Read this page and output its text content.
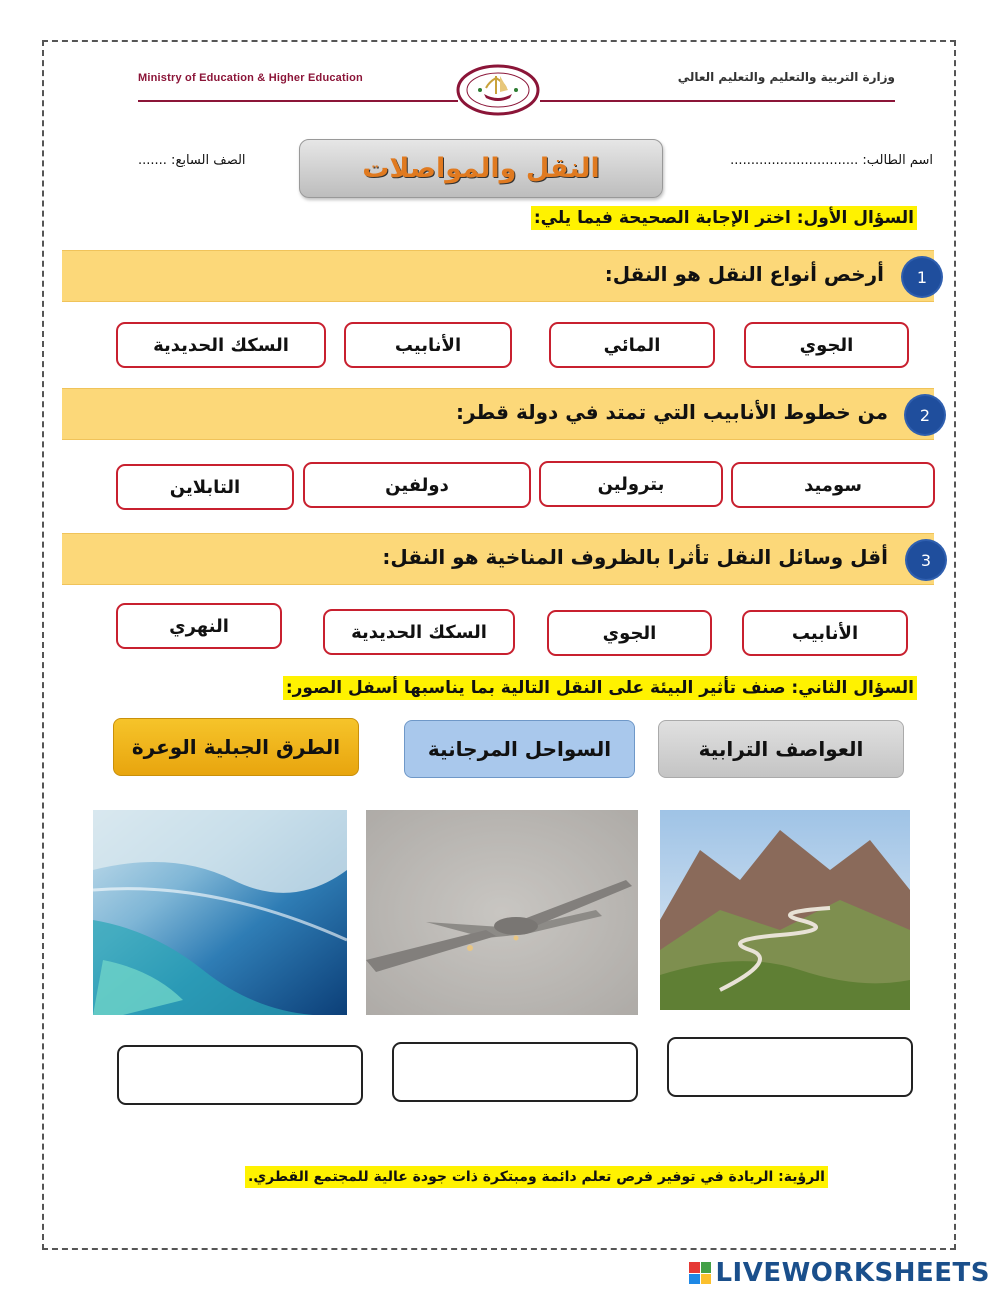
Ministry of Education & Higher Education	وزارة التربية والتعليم والتعليم العالي
اسم الطالب: ...............................
الصف السابع: .......	النقل والمواصلات
السؤال الأول: اختر الإجابة الصحيحة فيما يلي:
أرخص أنواع النقل هو النقل:	1
الجوي
المائي
الأنابيب
السكك الحديدية
من خطوط الأنابيب التي تمتد في دولة قطر:	2
سوميد
بترولين
دولفين
التابلاين
أقل وسائل النقل تأثرا بالظروف المناخية هو النقل:	3
الأنابيب
الجوي
السكك الحديدية
النهري
السؤال الثاني: صنف تأثير البيئة على النقل التالية بما يناسبها أسفل الصور:
العواصف الترابية
السواحل المرجانية
الطرق الجبلية الوعرة
الرؤية: الريادة في توفير فرص تعلم دائمة ومبتكرة ذات جودة عالية للمجتمع القطري.
LIVEWORKSHEETS
